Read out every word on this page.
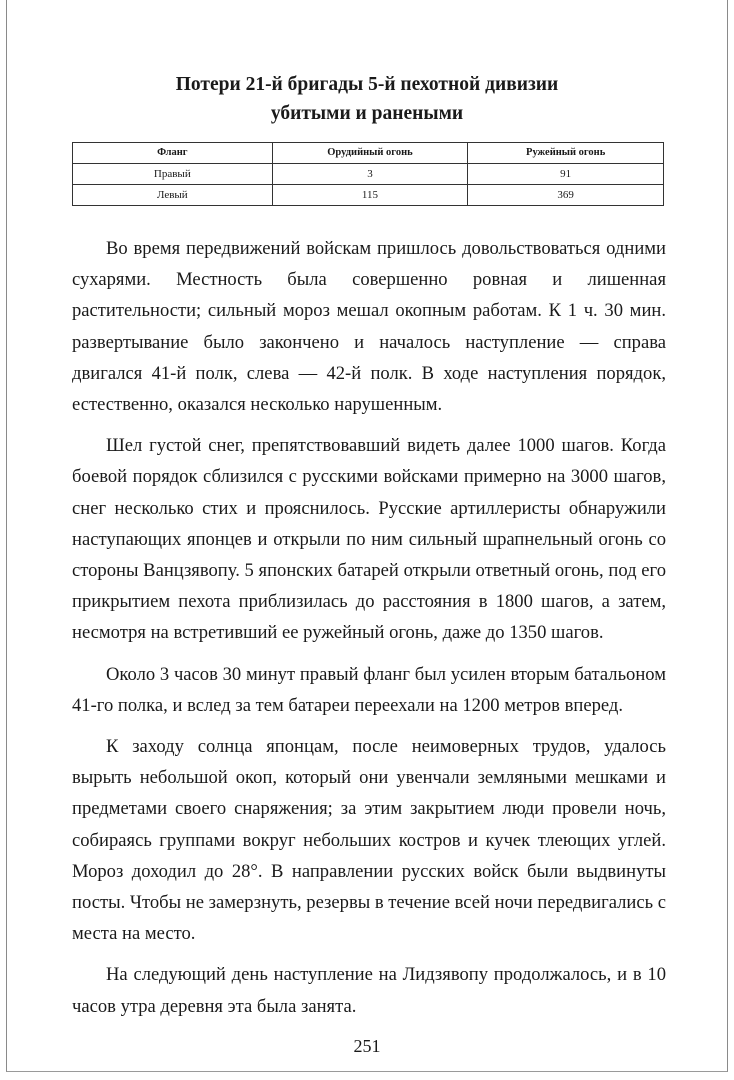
Потери 21-й бригады 5-й пехотной дивизии
убитыми и ранеными
Фланг	Орудийный огонь	Ружейный огонь
Правый	3	91
Левый	115	369

Во время передвижений войскам пришлось довольствоваться одними сухарями. Местность была совершенно ровная и лишенная растительности; сильный мороз мешал окопным работам. К 1 ч. 30 мин. развертывание было закончено и началось наступление — справа двигался 41-й полк, слева — 42-й полк. В ходе наступления порядок, естественно, оказался несколько нарушенным.

Шел густой снег, препятствовавший видеть далее 1000 шагов. Когда боевой порядок сблизился с русскими войсками примерно на 3000 шагов, снег несколько стих и прояснилось. Русские артиллеристы обнаружили наступающих японцев и открыли по ним сильный шрапнельный огонь со стороны Ванцзявопу. 5 японских батарей открыли ответный огонь, под его прикрытием пехота приблизилась до расстояния в 1800 шагов, а затем, несмотря на встретивший ее ружейный огонь, даже до 1350 шагов.

Около 3 часов 30 минут правый фланг был усилен вторым батальоном 41-го полка, и вслед за тем батареи переехали на 1200 метров вперед.

К заходу солнца японцам, после неимоверных трудов, удалось вырыть небольшой окоп, который они увенчали земляными мешками и предметами своего снаряжения; за этим закрытием люди провели ночь, собираясь группами вокруг небольших костров и кучек тлеющих углей. Мороз доходил до 28°. В направлении русских войск были выдвинуты посты. Чтобы не замерзнуть, резервы в течение всей ночи передвигались с места на место.

На следующий день наступление на Лидзявопу продолжалось, и в 10 часов утра деревня эта была занята.

251
